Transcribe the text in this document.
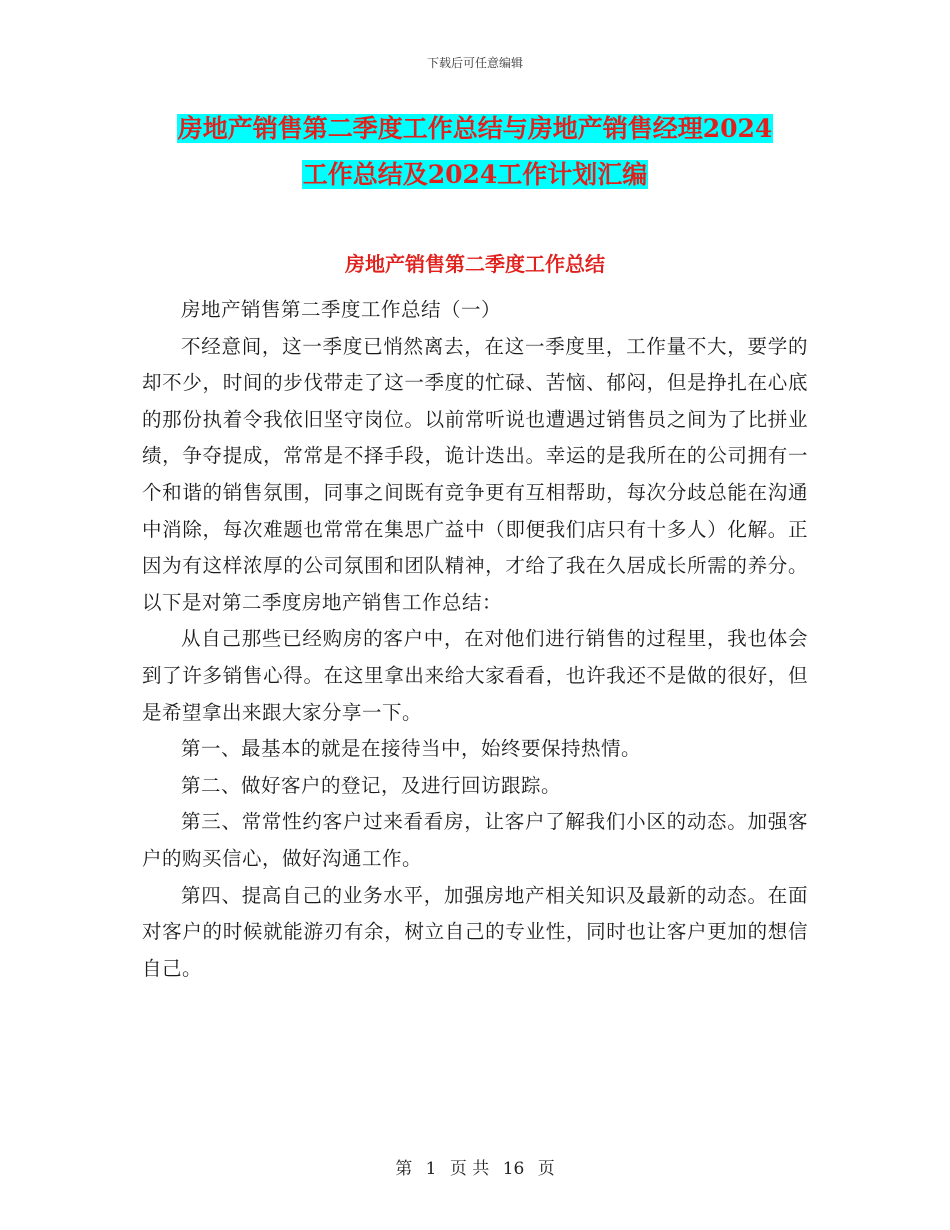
下载后可任意编辑
房地产销售第二季度工作总结与房地产销售经理2024
工作总结及2024工作计划汇编
房地产销售第二季度工作总结

房地产销售第二季度工作总结（一）

不经意间，这一季度已悄然离去，在这一季度里，工作量不大，要学的却不少，时间的步伐带走了这一季度的忙碌、苦恼、郁闷，但是挣扎在心底的那份执着令我依旧坚守岗位。以前常听说也遭遇过销售员之间为了比拼业绩，争夺提成，常常是不择手段，诡计迭出。幸运的是我所在的公司拥有一个和谐的销售氛围，同事之间既有竞争更有互相帮助，每次分歧总能在沟通中消除，每次难题也常常在集思广益中（即便我们店只有十多人）化解。正因为有这样浓厚的公司氛围和团队精神，才给了我在久居成长所需的养分。以下是对第二季度房地产销售工作总结：

从自己那些已经购房的客户中，在对他们进行销售的过程里，我也体会到了许多销售心得。在这里拿出来给大家看看，也许我还不是做的很好，但是希望拿出来跟大家分享一下。

第一、最基本的就是在接待当中，始终要保持热情。

第二、做好客户的登记，及进行回访跟踪。

第三、常常性约客户过来看看房，让客户了解我们小区的动态。加强客户的购买信心，做好沟通工作。

第四、提高自己的业务水平，加强房地产相关知识及最新的动态。在面对客户的时候就能游刃有余，树立自己的专业性，同时也让客户更加的想信自己。

第 1 页 共 16 页
